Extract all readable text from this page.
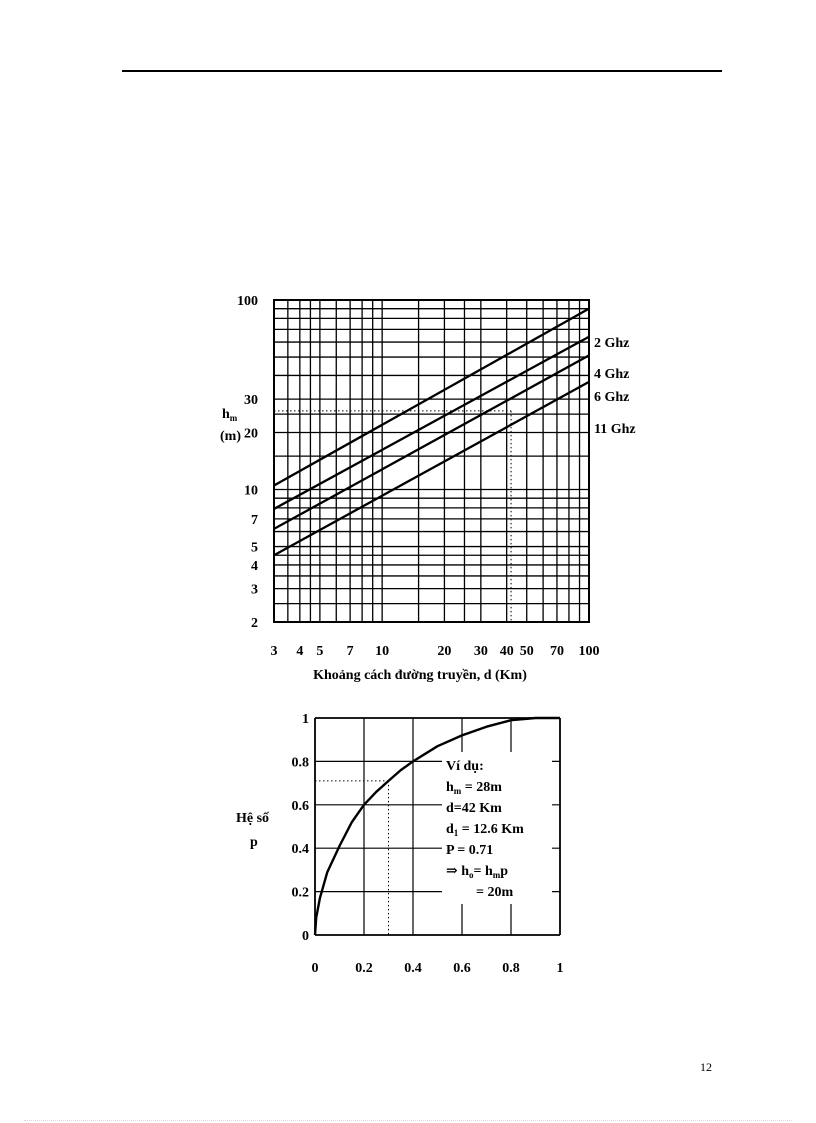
3 4 5 7 10	20 30 40 50 70 100
2
3
4
5
7
10
20
30
100
2 Ghz
4 Ghz
6 Ghz
11 Ghz
$h_m$
(m)
Khoảng cách đường truyền, d (Km)
0	0.2 0.4 0.6 0.8	1
0
0.2
0.4
0.6
0.8
1
Hệ số
p
Ví dụ:
$h_m = 28m$
d=42 Km
$d_1 = 12.6$ Km
P = 0.71
⇒ $h_o= h_mp$
= 20m
12
